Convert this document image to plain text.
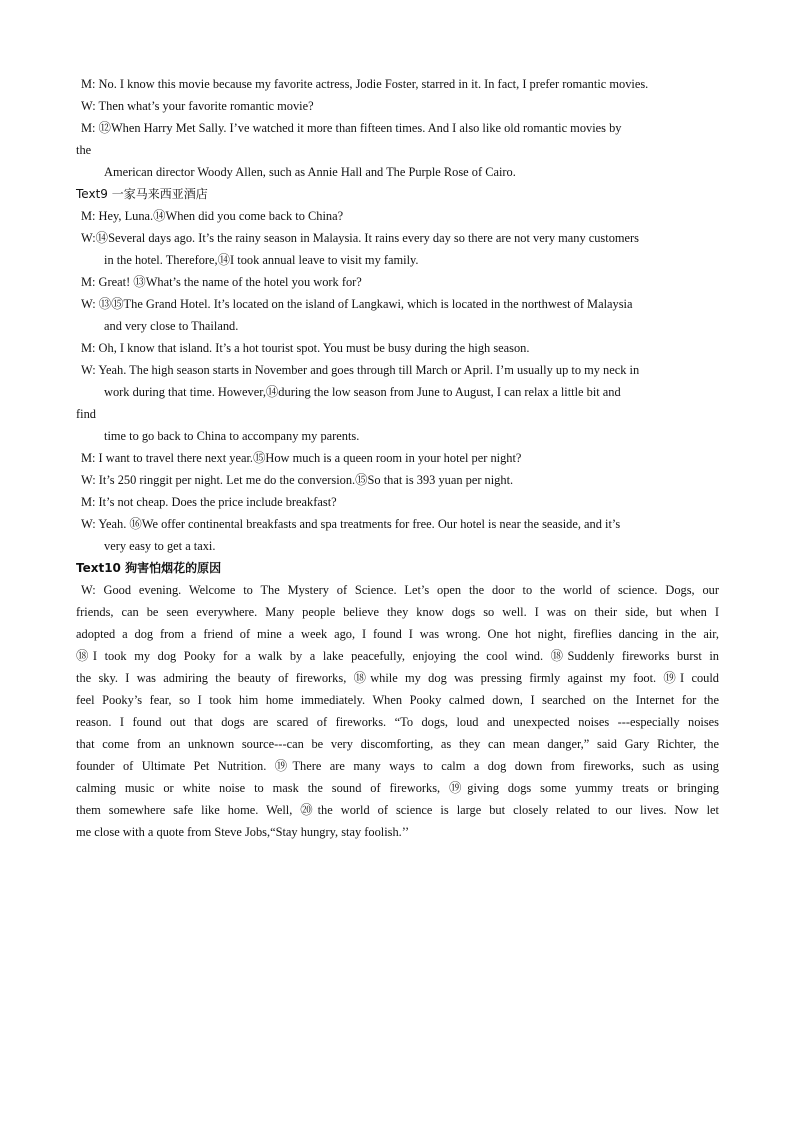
M: No. I know this movie because my favorite actress, Jodie Foster, starred in it. In fact, I prefer romantic movies.
W: Then what’s your favorite romantic movie?
M: ⑫When Harry Met Sally. I’ve watched it more than fifteen times. And I also like old romantic movies by
the
American director Woody Allen, such as Annie Hall and The Purple Rose of Cairo.
Text9 一家马来西亚酒店
M: Hey, Luna.⑭When did you come back to China?
W:⑭Several days ago. It’s the rainy season in Malaysia. It rains every day so there are not very many customers
in the hotel. Therefore,⑭I took annual leave to visit my family.
M: Great! ⑬What’s the name of the hotel you work for?
W: ⑬⑮The Grand Hotel. It’s located on the island of Langkawi, which is located in the northwest of Malaysia
and very close to Thailand.
M: Oh, I know that island. It’s a hot tourist spot. You must be busy during the high season.
W: Yeah. The high season starts in November and goes through till March or April. I’m usually up to my neck in
work during that time. However,⑭during the low season from June to August, I can relax a little bit and
find
time to go back to China to accompany my parents.
M: I want to travel there next year.⑮How much is a queen room in your hotel per night?
W: It’s 250 ringgit per night. Let me do the conversion.⑮So that is 393 yuan per night.
M: It’s not cheap. Does the price include breakfast?
W: Yeah. ⑯We offer continental breakfasts and spa treatments for free. Our hotel is near the seaside, and it’s
very easy to get a taxi.
Text10 狗害怕烟花的原因
W: Good evening. Welcome to The Mystery of Science. Let’s open the door to the world of science. Dogs, our
friends, can be seen everywhere. Many people believe they know dogs so well. I was on their side, but when I
adopted a dog from a friend of mine a week ago, I found I was wrong. One hot night, fireflies dancing in the air,
⑱I took my dog Pooky for a walk by a lake peacefully, enjoying the cool wind. ⑱Suddenly fireworks burst in
the sky. I was admiring the beauty of fireworks, ⑱while my dog was pressing firmly against my foot. ⑲I could
feel Pooky’s fear, so I took him home immediately. When Pooky calmed down, I searched on the Internet for the
reason. I found out that dogs are scared of fireworks. “To dogs, loud and unexpected noises ---especially noises
that come from an unknown source---can be very discomforting, as they can mean danger,” said Gary Richter, the
founder of Ultimate Pet Nutrition. ⑲There are many ways to calm a dog down from fireworks, such as using
calming music or white noise to mask the sound of fireworks, ⑲giving dogs some yummy treats or bringing
them somewhere safe like home. Well, ⑳the world of science is large but closely related to our lives. Now let
me close with a quote from Steve Jobs,“Stay hungry, stay foolish.’’
